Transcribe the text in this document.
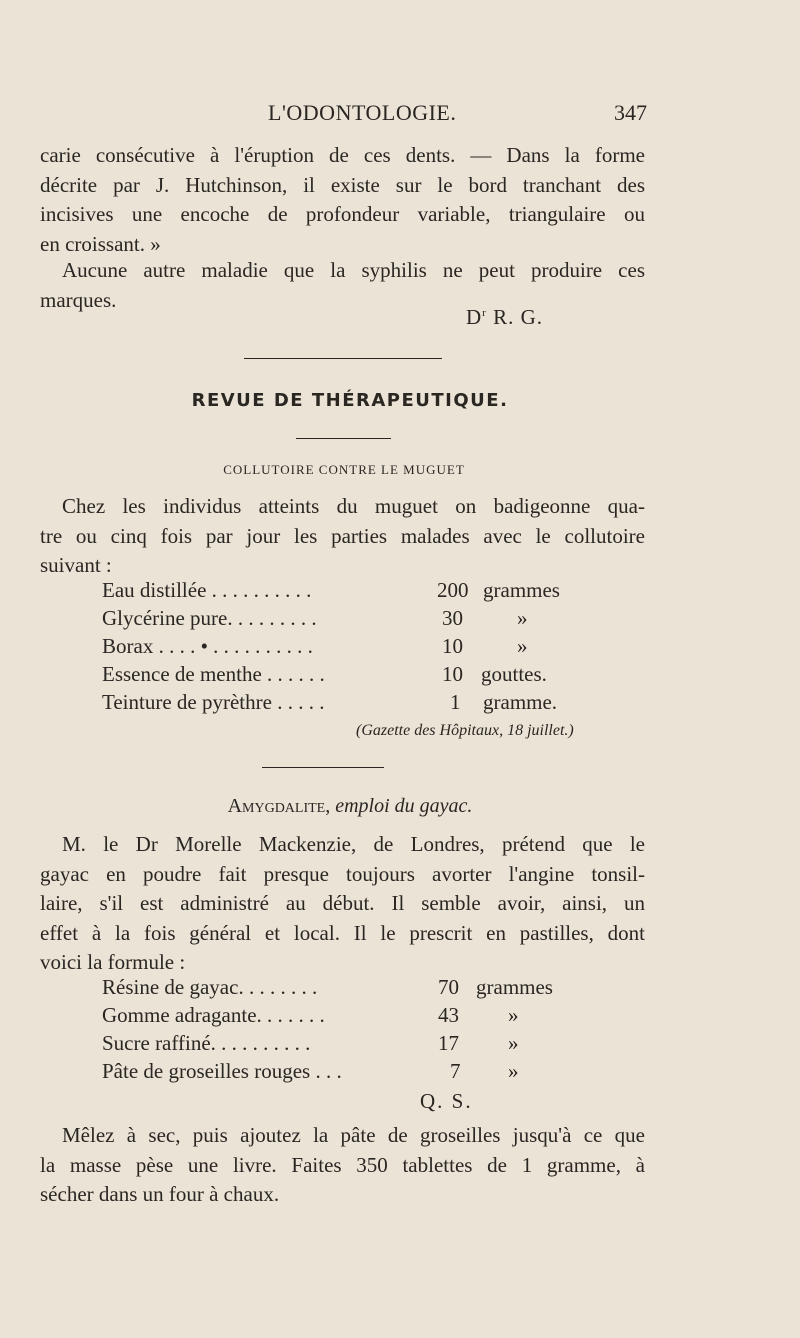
L'ODONTOLOGIE.	347
carie consécutive à l'éruption de ces dents. — Dans la forme
décrite par J. Hutchinson, il existe sur le bord tranchant des
incisives une encoche de profondeur variable, triangulaire ou
en croissant. »
Aucune autre maladie que la syphilis ne peut produire ces
marques.
$D^r$ R. G.
REVUE DE THÉRAPEUTIQUE.
COLLUTOIRE CONTRE LE MUGUET
Chez les individus atteints du muguet on badigeonne qua-
tre ou cinq fois par jour les parties malades avec le collutoire
suivant :
Eau distillée . . . . . . . . . .	200 grammes
Glycérine pure. . . . . . . . .	30	»
Borax . . . . • . . . . . . . . . .	10	»
Essence de menthe . . . . . .	10 gouttes.
Teinture de pyrèthre . . . . .	1 gramme.
(Gazette des Hôpitaux, 18 juillet.)
Amygdalite, emploi du gayac.
M. le Dr Morelle Mackenzie, de Londres, prétend que le
gayac en poudre fait presque toujours avorter l'angine tonsil-
laire, s'il est administré au début. Il semble avoir, ainsi, un
effet à la fois général et local. Il le prescrit en pastilles, dont
voici la formule :
Résine de gayac. . . . . . . .	70 grammes
Gomme adragante. . . . . . .	43 »
Sucre raffiné. . . . . . . . . .	17 »
Pâte de groseilles rouges . . .	7 »
Q. S.
Mêlez à sec, puis ajoutez la pâte de groseilles jusqu'à ce que
la masse pèse une livre. Faites 350 tablettes de 1 gramme, à
sécher dans un four à chaux.
